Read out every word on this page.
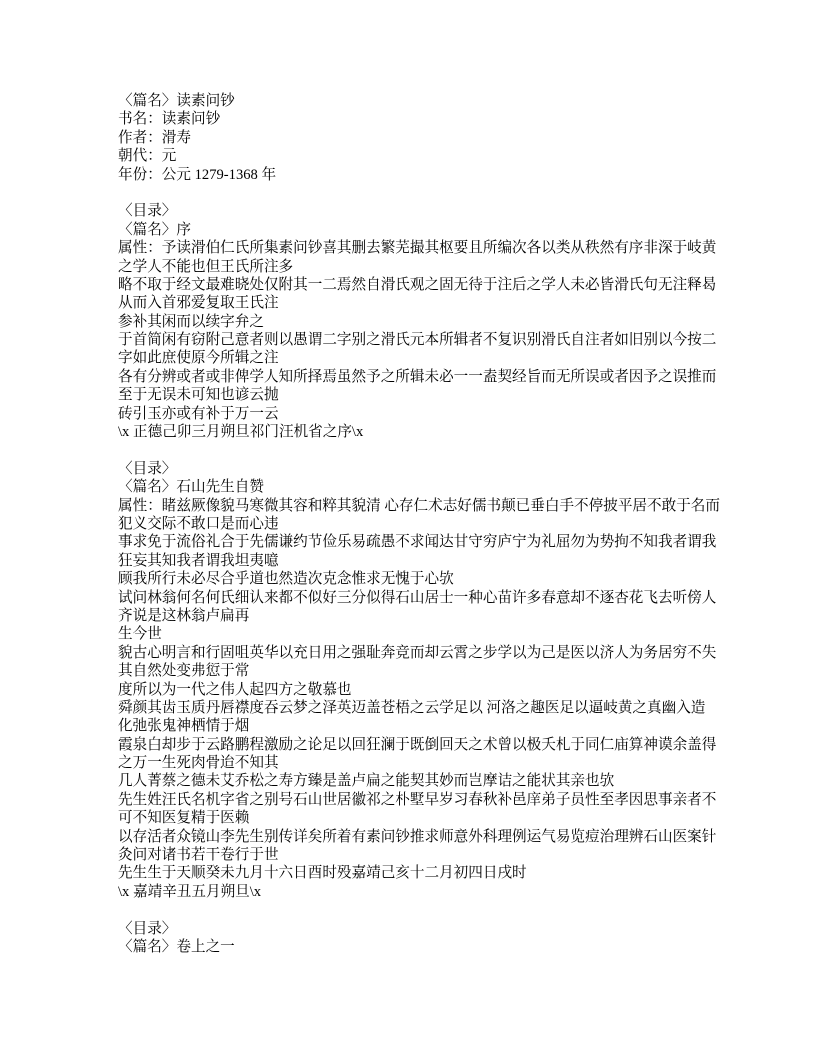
〈篇名〉读素问钞
书名：读素问钞
作者：滑寿
朝代：元
年份：公元 1279-1368 年
〈目录〉
〈篇名〉序
属性：予读滑伯仁氏所集素问钞喜其删去繁芜撮其枢要且所编次各以类从秩然有序非深于岐黄
之学人不能也但王氏所注多
略不取于经文最难晓处仅附其一二焉然自滑氏观之固无待于注后之学人未必皆滑氏句无注释曷
从而入首邪爱复取王氏注
参补其闲而以续字弁之
于首简闲有窃附己意者则以愚谓二字别之滑氏元本所辑者不复识别滑氏自注者如旧别以今按二
字如此庶使原今所辑之注
各有分辨或者或非俾学人知所择焉虽然予之所辑未必一一盍契经旨而无所误或者因予之误推而
至于无误未可知也谚云抛
砖引玉亦或有补于万一云
\x 正德己卯三月朔旦祁门汪机省之序\x
〈目录〉
〈篇名〉石山先生自赞
属性：睹兹厥像貌马寒微其容和粹其貌清 心存仁术志好儒书颠已垂白手不停披平居不敢于名而
犯义交际不敢口是而心违
事求免于流俗礼合于先儒谦约节俭乐易疏愚不求闻达甘守穷庐宁为礼屈勿为势拘不知我者谓我
狂妄其知我者谓我坦夷噫
顾我所行未必尽合乎道也然造次克念惟求无愧于心欤
试问林翁何名何氏细认来都不似好三分似得石山居士一种心苗许多春意却不逐杏花飞去听傍人
齐说是这林翁卢扁再
生今世
貌古心明言和行固咀英华以充日用之强耻奔竞而却云霄之步学以为己是医以济人为务居穷不失
其自然处变弗愆于常
度所以为一代之伟人起四方之敬慕也
舜颜其齿玉质丹唇襟度吞云梦之泽英迈盖苍梧之云学足以 河洛之趣医足以逼岐黄之真幽入造
化弛张鬼神栖情于烟
霞泉白却步于云路鹏程激励之论足以回狂澜于既倒回天之术曾以极夭札于同仁庙算神谟余盖得
之万一生死肉骨迨不知其
几人菁蔡之德未艾乔松之寿方臻是盖卢扁之能契其妙而岂摩诘之能状其亲也欤
先生姓汪氏名机字省之别号石山世居徽祁之朴墅早岁习春秋补邑庠弟子员性至孝因思事亲者不
可不知医复精于医赖
以存活者众镜山李先生别传详矣所着有素问钞推求师意外科理例运气易览痘治理辨石山医案针
灸问对诸书若干卷行于世
先生生于天顺癸未九月十六日酉时殁嘉靖己亥十二月初四日戌时
\x 嘉靖辛丑五月朔旦\x
〈目录〉
〈篇名〉卷上之一
